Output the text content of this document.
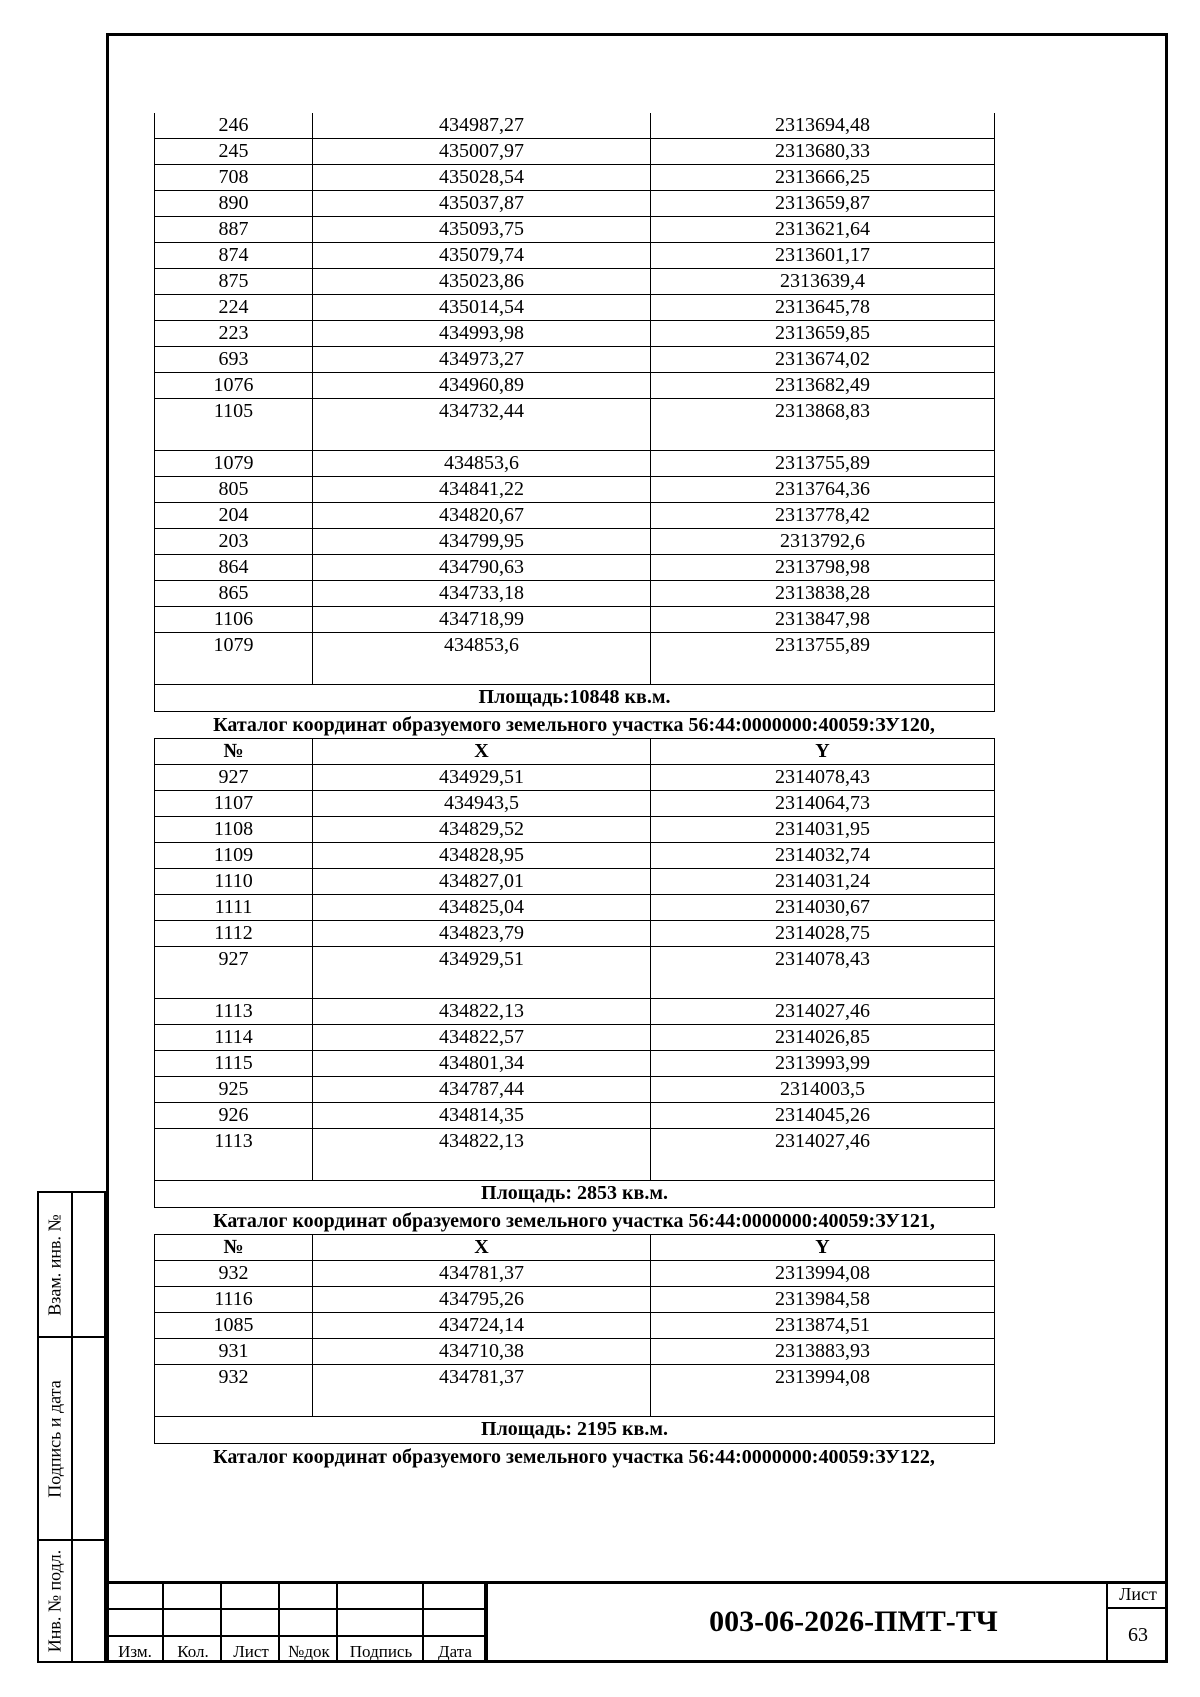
246	434987,27	2313694,48
245	435007,97	2313680,33
708	435028,54	2313666,25
890	435037,87	2313659,87
887	435093,75	2313621,64
874	435079,74	2313601,17
875	435023,86	2313639,4
224	435014,54	2313645,78
223	434993,98	2313659,85
693	434973,27	2313674,02
1076	434960,89	2313682,49
1105	434732,44	2313868,83
1079	434853,6	2313755,89
805	434841,22	2313764,36
204	434820,67	2313778,42
203	434799,95	2313792,6
864	434790,63	2313798,98
865	434733,18	2313838,28
1106	434718,99	2313847,98
1079	434853,6	2313755,89
Площадь:10848 кв.м.		
Каталог координат образуемого земельного участка 56:44:0000000:40059:ЗУ120,
№	X	Y
927	434929,51	2314078,43
1107	434943,5	2314064,73
1108	434829,52	2314031,95
1109	434828,95	2314032,74
1110	434827,01	2314031,24
1111	434825,04	2314030,67
1112	434823,79	2314028,75
927	434929,51	2314078,43
1113	434822,13	2314027,46
1114	434822,57	2314026,85
1115	434801,34	2313993,99
925	434787,44	2314003,5
926	434814,35	2314045,26
1113	434822,13	2314027,46
Площадь: 2853 кв.м.		
Каталог координат образуемого земельного участка 56:44:0000000:40059:ЗУ121,
№	X	Y
932	434781,37	2313994,08
1116	434795,26	2313984,58
1085	434724,14	2313874,51
931	434710,38	2313883,93
932	434781,37	2313994,08
Площадь: 2195 кв.м.		
Каталог координат образуемого земельного участка 56:44:0000000:40059:ЗУ122,
Взам. инв. №
Подпись и дата
Инв. № подл.	Изм.	Кол.	Лист	№док	Подпись	Дата
003-06-2026-ПМТ-ТЧ
Лист
63
